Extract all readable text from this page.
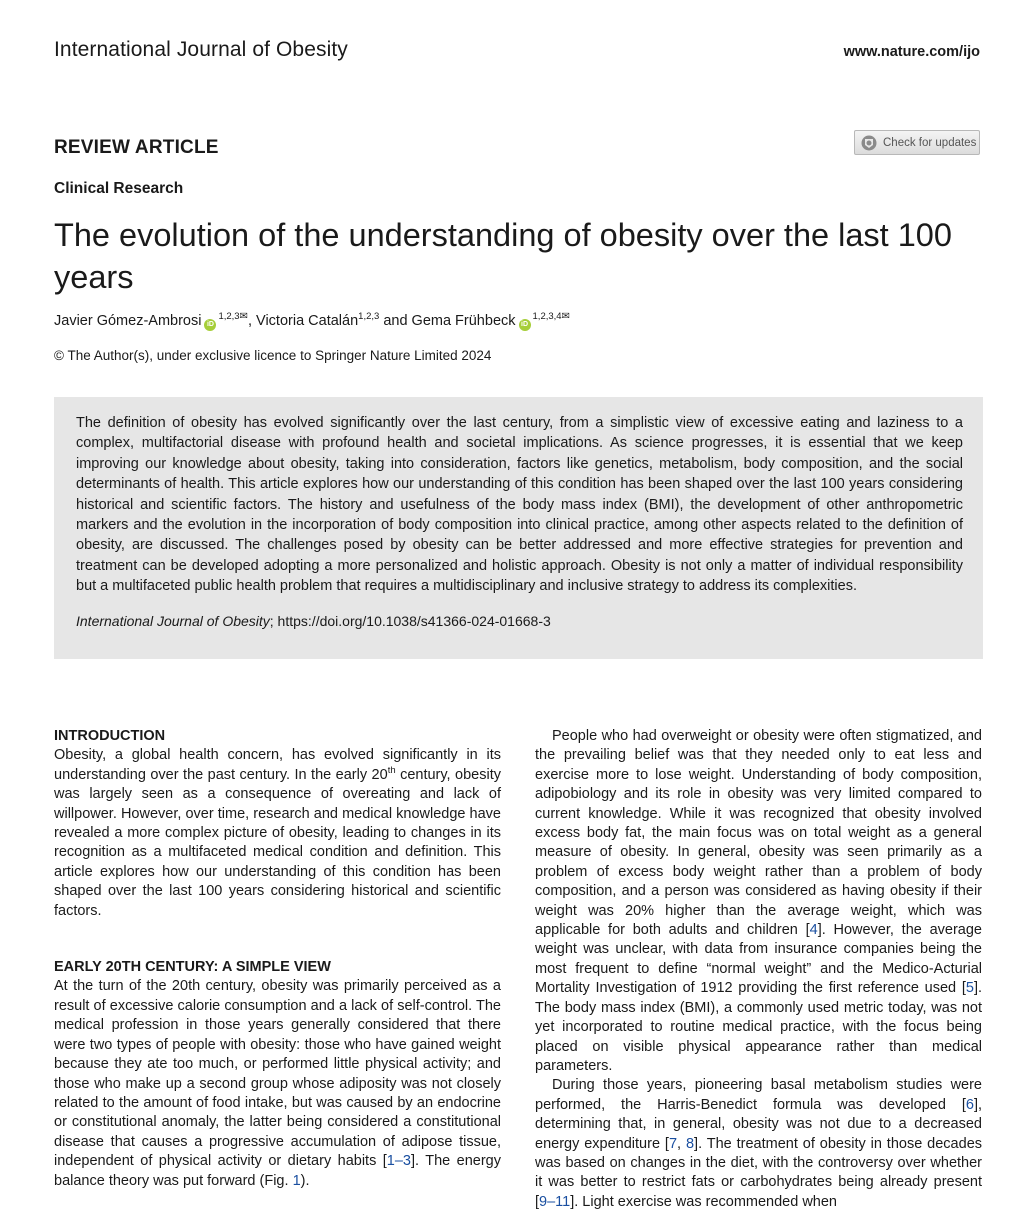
International Journal of Obesity	www.nature.com/ijo
REVIEW ARTICLE	Check for updates
Clinical Research
The evolution of the understanding of obesity over the last 100 years
Javier Gómez-Ambrosi $iD^{1,2,3✉}$, Victoria Catalán$^{1,2,3}$ and Gema Frühbeck $iD^{1,2,3,4✉}$
© The Author(s), under exclusive licence to Springer Nature Limited 2024

The definition of obesity has evolved significantly over the last century, from a simplistic view of excessive eating and laziness to a complex, multifactorial disease with profound health and societal implications. As science progresses, it is essential that we keep improving our knowledge about obesity, taking into consideration, factors like genetics, metabolism, body composition, and the social determinants of health. This article explores how our understanding of this condition has been shaped over the last 100 years considering historical and scientific factors. The history and usefulness of the body mass index (BMI), the development of other anthropometric markers and the evolution in the incorporation of body composition into clinical practice, among other aspects related to the definition of obesity, are discussed. The challenges posed by obesity can be better addressed and more effective strategies for prevention and treatment can be developed adopting a more personalized and holistic approach. Obesity is not only a matter of individual responsibility but a multifaceted public health problem that requires a multidisciplinary and inclusive strategy to address its complexities.

International Journal of Obesity; https://doi.org/10.1038/s41366-024-01668-3

INTRODUCTION

Obesity, a global health concern, has evolved significantly in its understanding over the past century. In the early 20th century, obesity was largely seen as a consequence of overeating and lack of willpower. However, over time, research and medical knowledge have revealed a more complex picture of obesity, leading to changes in its recognition as a multifaceted medical condition and definition. This article explores how our understanding of this condition has been shaped over the last 100 years considering historical and scientific factors.

EARLY 20TH CENTURY: A SIMPLE VIEW

At the turn of the 20th century, obesity was primarily perceived as a result of excessive calorie consumption and a lack of self-control. The medical profession in those years generally considered that there were two types of people with obesity: those who have gained weight because they ate too much, or performed little physical activity; and those who make up a second group whose adiposity was not closely related to the amount of food intake, but was caused by an endocrine or constitutional anomaly, the latter being considered a constitutional disease that causes a progressive accumulation of adipose tissue, independent of physical activity or dietary habits [1–3]. The energy balance theory was put forward (Fig. 1).

People who had overweight or obesity were often stigmatized, and the prevailing belief was that they needed only to eat less and exercise more to lose weight. Understanding of body composition, adipobiology and its role in obesity was very limited compared to current knowledge. While it was recognized that obesity involved excess body fat, the main focus was on total weight as a general measure of obesity. In general, obesity was seen primarily as a problem of excess body weight rather than a problem of body composition, and a person was considered as having obesity if their weight was 20% higher than the average weight, which was applicable for both adults and children [4]. However, the average weight was unclear, with data from insurance companies being the most frequent to define “normal weight” and the Medico-Acturial Mortality Investigation of 1912 providing the first reference used [5]. The body mass index (BMI), a commonly used metric today, was not yet incorporated to routine medical practice, with the focus being placed on visible physical appearance rather than medical parameters.

During those years, pioneering basal metabolism studies were performed, the Harris-Benedict formula was developed [6], determining that, in general, obesity was not due to a decreased energy expenditure [7, 8]. The treatment of obesity in those decades was based on changes in the diet, with the controversy over whether it was better to restrict fats or carbohydrates being already present [9–11]. Light exercise was recommended when
